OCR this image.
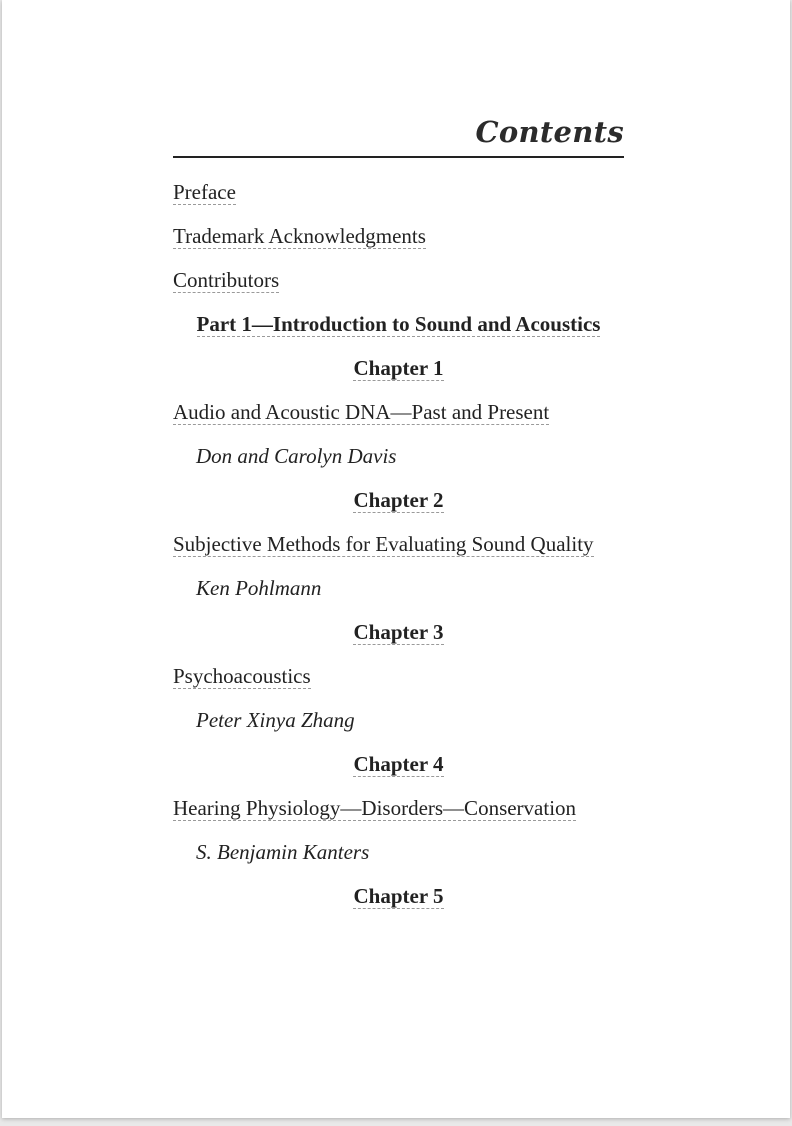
Contents
Preface
Trademark Acknowledgments
Contributors
Part 1—Introduction to Sound and Acoustics
Chapter 1
Audio and Acoustic DNA—Past and Present
Don and Carolyn Davis
Chapter 2
Subjective Methods for Evaluating Sound Quality
Ken Pohlmann
Chapter 3
Psychoacoustics
Peter Xinya Zhang
Chapter 4
Hearing Physiology—Disorders—Conservation
S. Benjamin Kanters
Chapter 5
